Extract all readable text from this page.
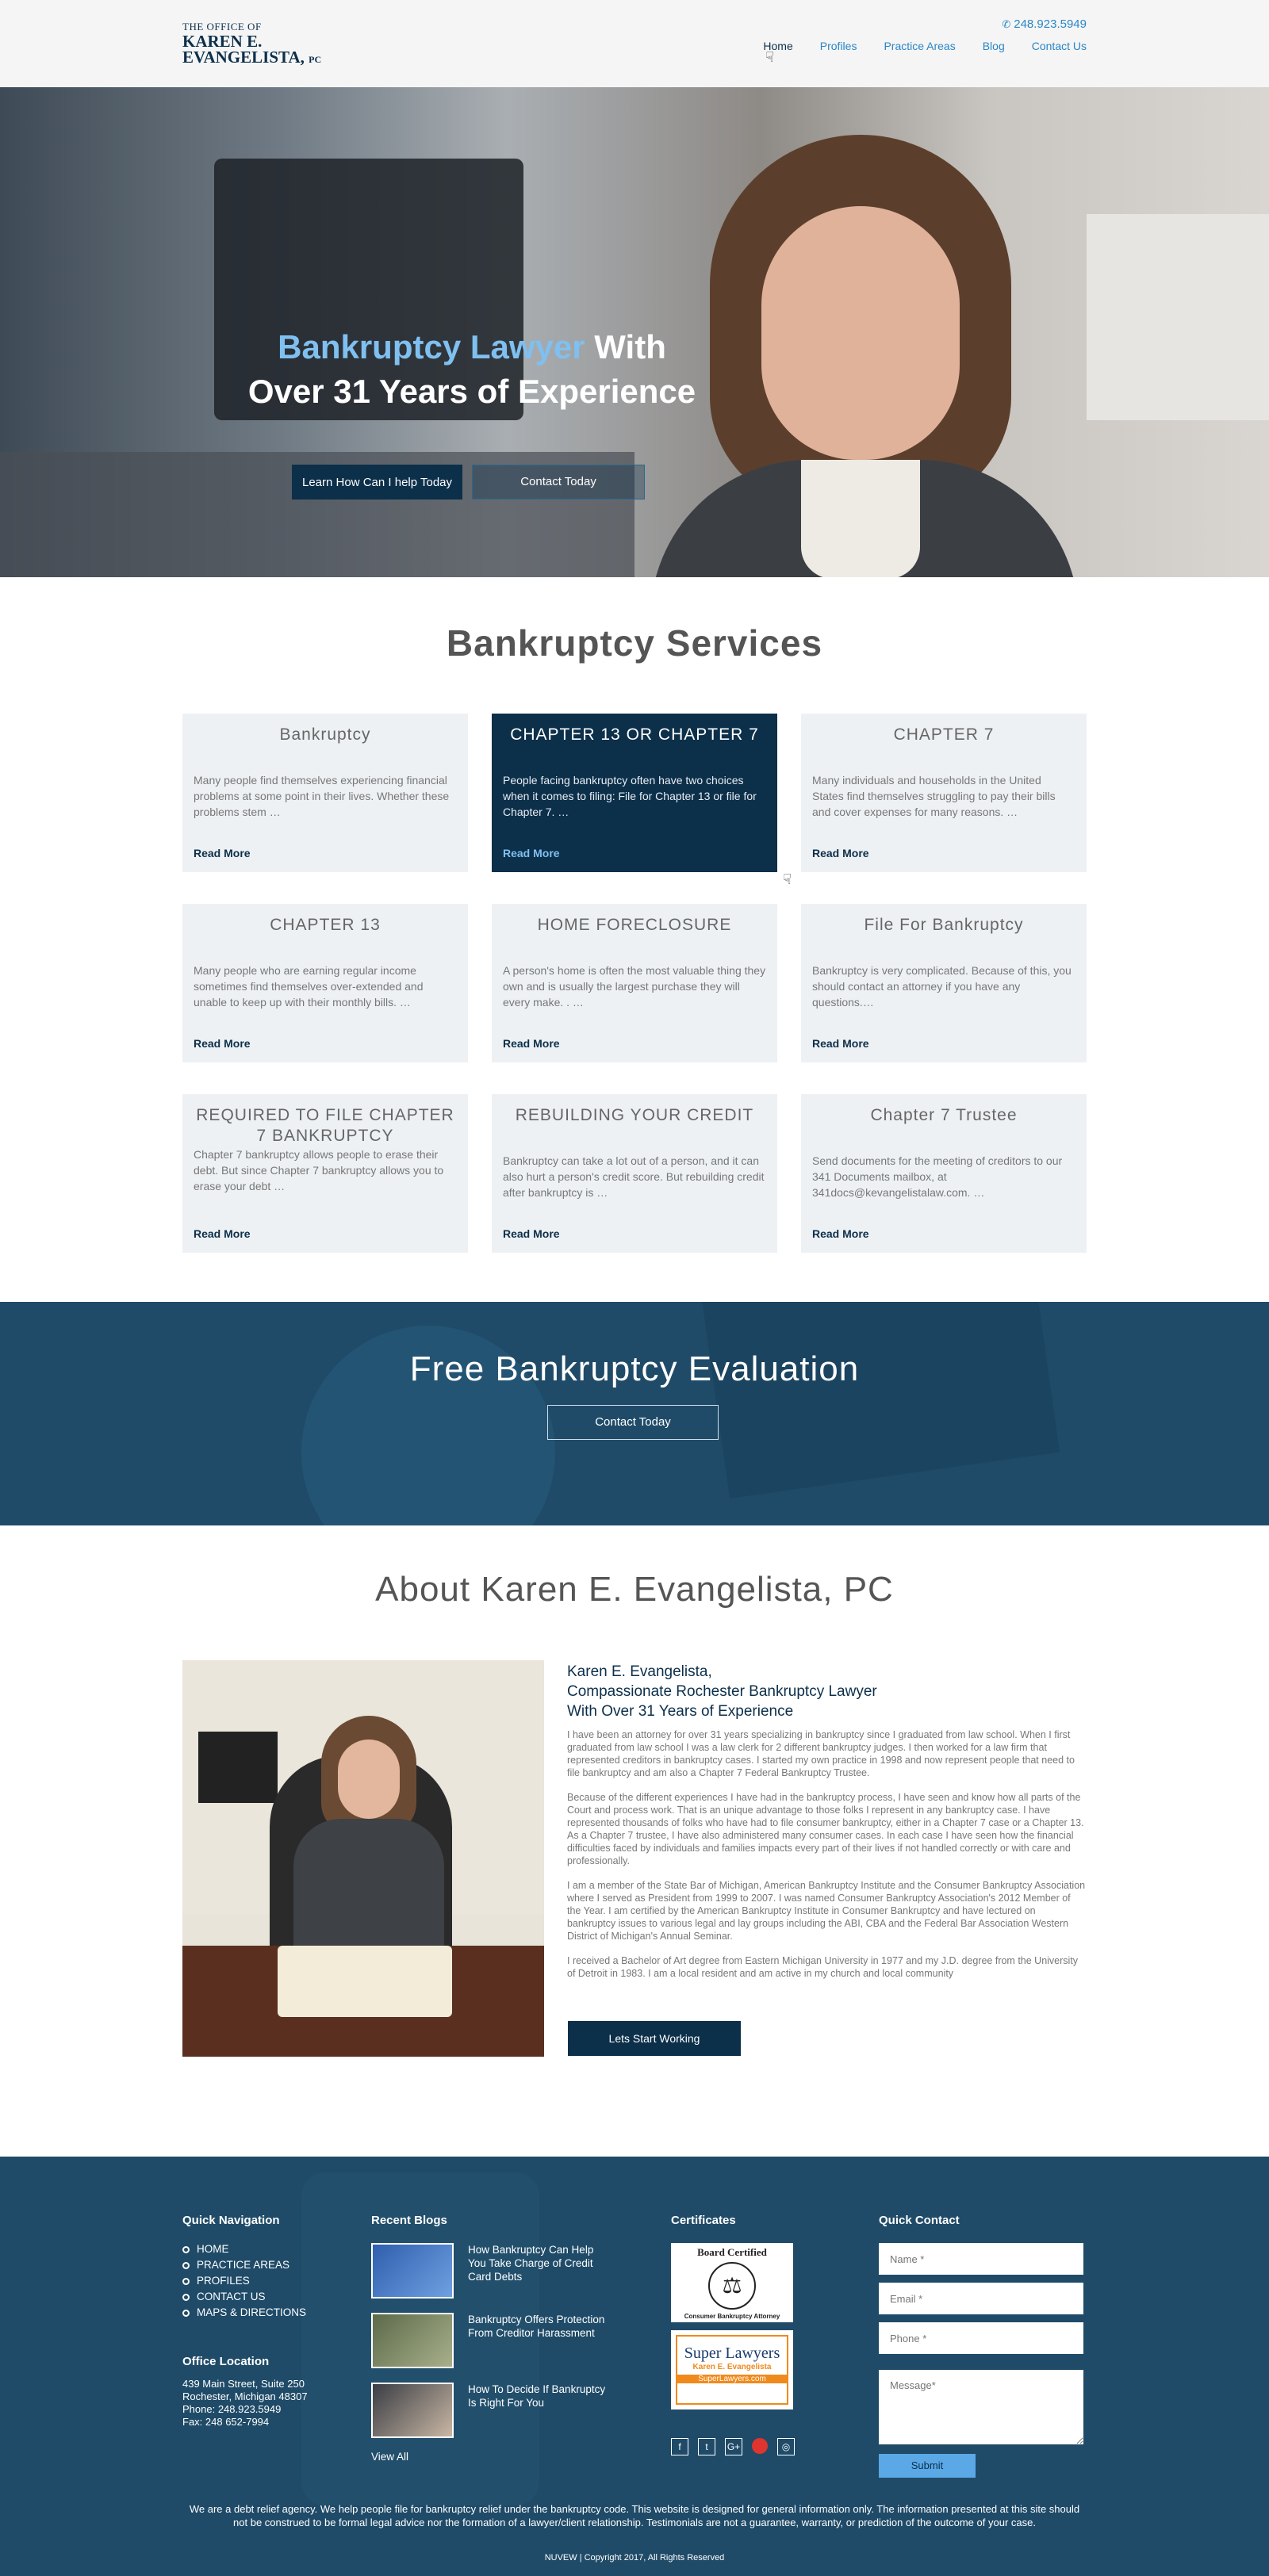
THE OFFICE OF
KAREN E.
EVANGELISTA, PC
✆ 248.923.5949
Home Profiles Practice Areas Blog Contact Us
☟
Bankruptcy Lawyer With
Over 31 Years of Experience
Learn How Can I help Today	Contact Today
Bankruptcy Services
Bankruptcy

Many people find themselves experiencing financial problems at some point in their lives. Whether these problems stem …

Read More
CHAPTER 13 OR CHAPTER 7

People facing bankruptcy often have two choices when it comes to filing: File for Chapter 13 or file for Chapter 7. …

Read More
☟
CHAPTER 7

Many individuals and households in the United States find themselves struggling to pay their bills and cover expenses for many reasons. …

Read More
CHAPTER 13

Many people who are earning regular income sometimes find themselves over-extended and unable to keep up with their monthly bills. …

Read More
HOME FORECLOSURE

A person's home is often the most valuable thing they own and is usually the largest purchase they will every make. . …

Read More
File For Bankruptcy

Bankruptcy is very complicated. Because of this, you should contact an attorney if you have any questions.…

Read More
REQUIRED TO FILE CHAPTER 7 BANKRUPTCY

Chapter 7 bankruptcy allows people to erase their debt. But since Chapter 7 bankruptcy allows you to erase your debt …

Read More
REBUILDING YOUR CREDIT

Bankruptcy can take a lot out of a person, and it can also hurt a person's credit score. But rebuilding credit after bankruptcy is …

Read More
Chapter 7 Trustee

Send documents for the meeting of creditors to our 341 Documents mailbox, at 341docs@kevangelistalaw.com. …

Read More
Free Bankruptcy Evaluation
Contact Today
About Karen E. Evangelista, PC
Karen E. Evangelista,
Compassionate Rochester Bankruptcy Lawyer
With Over 31 Years of Experience

I have been an attorney for over 31 years specializing in bankruptcy since I graduated from law school. When I first graduated from law school I was a law clerk for 2 different bankruptcy judges. I then worked for a law firm that represented creditors in bankruptcy cases. I started my own practice in 1998 and now represent people that need to file bankruptcy and am also a Chapter 7 Federal Bankruptcy Trustee.

Because of the different experiences I have had in the bankruptcy process, I have seen and know how all parts of the Court and process work. That is an unique advantage to those folks I represent in any bankruptcy case. I have represented thousands of folks who have had to file consumer bankruptcy, either in a Chapter 7 case or a Chapter 13. As a Chapter 7 trustee, I have also administered many consumer cases. In each case I have seen how the financial difficulties faced by individuals and families impacts every part of their lives if not handled correctly or with care and professionally.

I am a member of the State Bar of Michigan, American Bankruptcy Institute and the Consumer Bankruptcy Association where I served as President from 1999 to 2007. I was named Consumer Bankruptcy Association's 2012 Member of the Year. I am certified by the American Bankruptcy Institute in Consumer Bankruptcy and have lectured on bankruptcy issues to various legal and lay groups including the ABI, CBA and the Federal Bar Association Western District of Michigan's Annual Seminar.

I received a Bachelor of Art degree from Eastern Michigan University in 1977 and my J.D. degree from the University of Detroit in 1983. I am a local resident and am active in my church and local community

Lets Start Working
Quick Navigation
HOME
PRACTICE AREAS
PROFILES
CONTACT US
MAPS & DIRECTIONS
Office Location
439 Main Street, Suite 250
Rochester, Michigan 48307
Phone: 248.923.5949
Fax: 248 652-7994
Recent Blogs
How Bankruptcy Can Help You Take Charge of Credit Card Debts
Bankruptcy Offers Protection From Creditor Harassment
How To Decide If Bankruptcy Is Right For You
View All
Certificates
Board Certified
⚖
Consumer Bankruptcy Attorney
Super Lawyers
Karen E. Evangelista
SuperLawyers.com
f	t	G+	◎
Quick Contact
Name *
Email *
Phone *
Message*
Submit
We are a debt relief agency. We help people file for bankruptcy relief under the bankruptcy code. This website is designed for general information only. The information presented at this site should not be construed to be formal legal advice nor the formation of a lawyer/client relationship. Testimonials are not a guarantee, warranty, or prediction of the outcome of your case.
NUVEW | Copyright 2017, All Rights Reserved
